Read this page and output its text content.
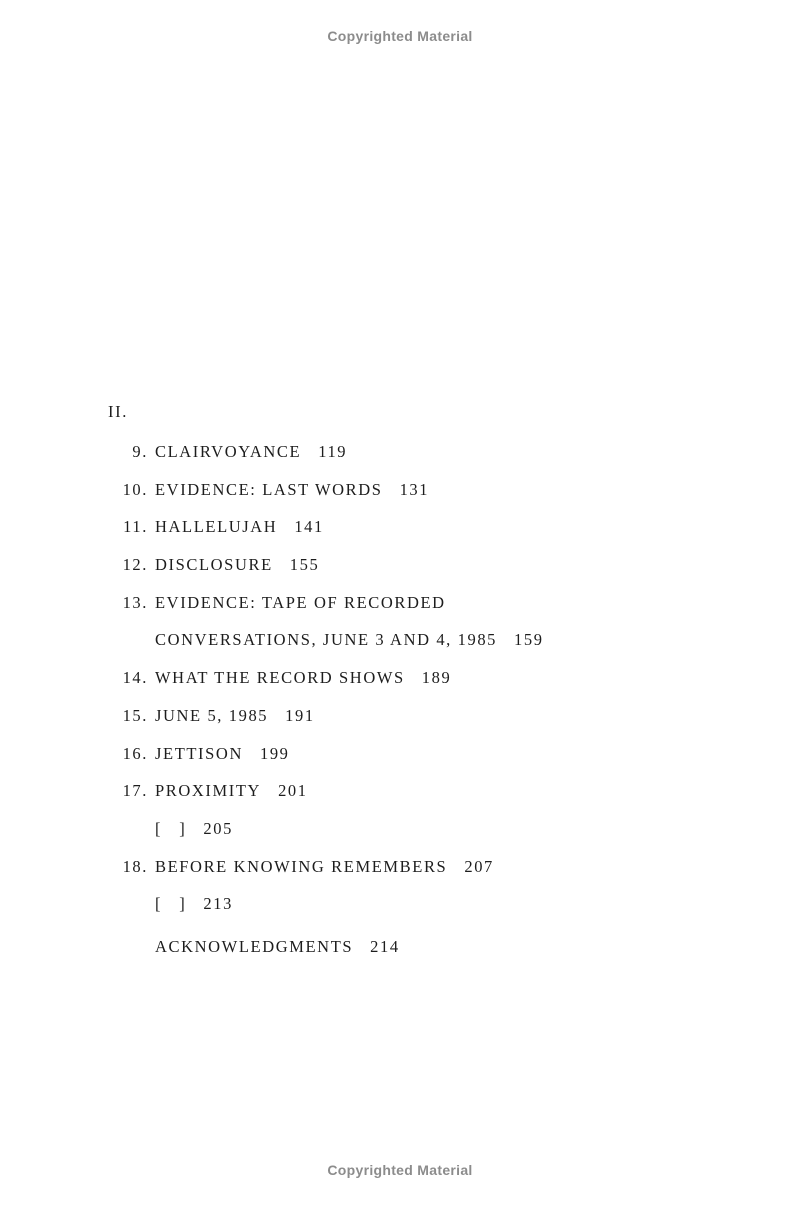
Copyrighted Material
II.
9. CLAIRVOYANCE 119
10. EVIDENCE: LAST WORDS 131
11. HALLELUJAH 141
12. DISCLOSURE 155
13. EVIDENCE: TAPE OF RECORDED
CONVERSATIONS, JUNE 3 AND 4, 1985 159
14. WHAT THE RECORD SHOWS 189
15. JUNE 5, 1985 191
16. JETTISON 199
17. PROXIMITY 201
[   ] 205
18. BEFORE KNOWING REMEMBERS 207
[   ] 213
ACKNOWLEDGMENTS 214
Copyrighted Material
